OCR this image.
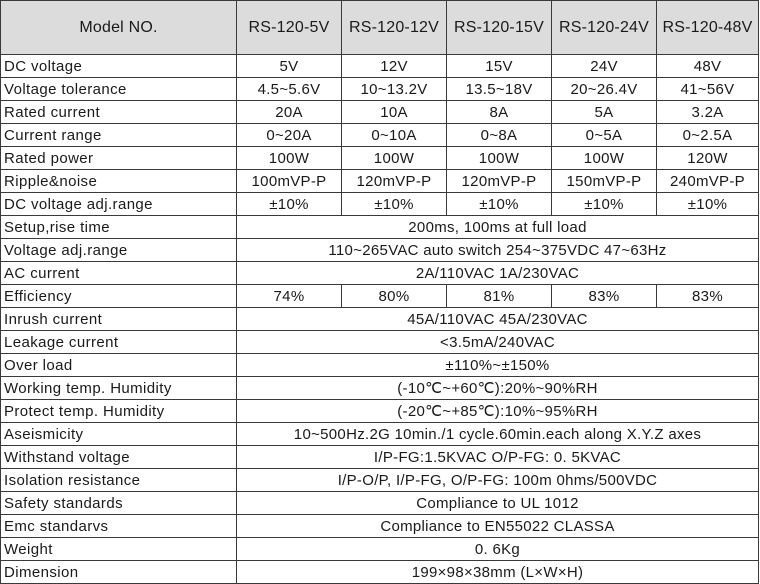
Model NO.	RS-120-5V	RS-120-12V	RS-120-15V	RS-120-24V	RS-120-48V
DC voltage	5V	12V	15V	24V	48V
Voltage tolerance	4.5~5.6V	10~13.2V	13.5~18V	20~26.4V	41~56V
Rated current	20A	10A	8A	5A	3.2A
Current range	0~20A	0~10A	0~8A	0~5A	0~2.5A
Rated power	100W	100W	100W	100W	120W
Ripple&noise	100mVP-P	120mVP-P	120mVP-P	150mVP-P	240mVP-P
DC voltage adj.range	±10%	±10%	±10%	±10%	±10%
Setup,rise time	200ms, 100ms at full load				
Voltage adj.range	110~265VAC auto switch 254~375VDC 47~63Hz				
AC current	2A/110VAC 1A/230VAC				
Efficiency	74%	80%	81%	83%	83%
Inrush current	45A/110VAC 45A/230VAC				
Leakage current	<3.5mA/240VAC				
Over load	±110%~±150%				
Working temp. Humidity	(-10℃~+60℃):20%~90%RH				
Protect temp. Humidity	(-20℃~+85℃):10%~95%RH				
Aseismicity	10~500Hz.2G 10min./1 cycle.60min.each along X.Y.Z axes				
Withstand voltage	I/P-FG:1.5KVAC O/P-FG: 0. 5KVAC				
Isolation resistance	I/P-O/P, I/P-FG, O/P-FG: 100m 0hms/500VDC				
Safety standards	Compliance to UL 1012				
Emc standarvs	Compliance to EN55022 CLASSA				
Weight	0. 6Kg				
Dimension	199×98×38mm (L×W×H)				
